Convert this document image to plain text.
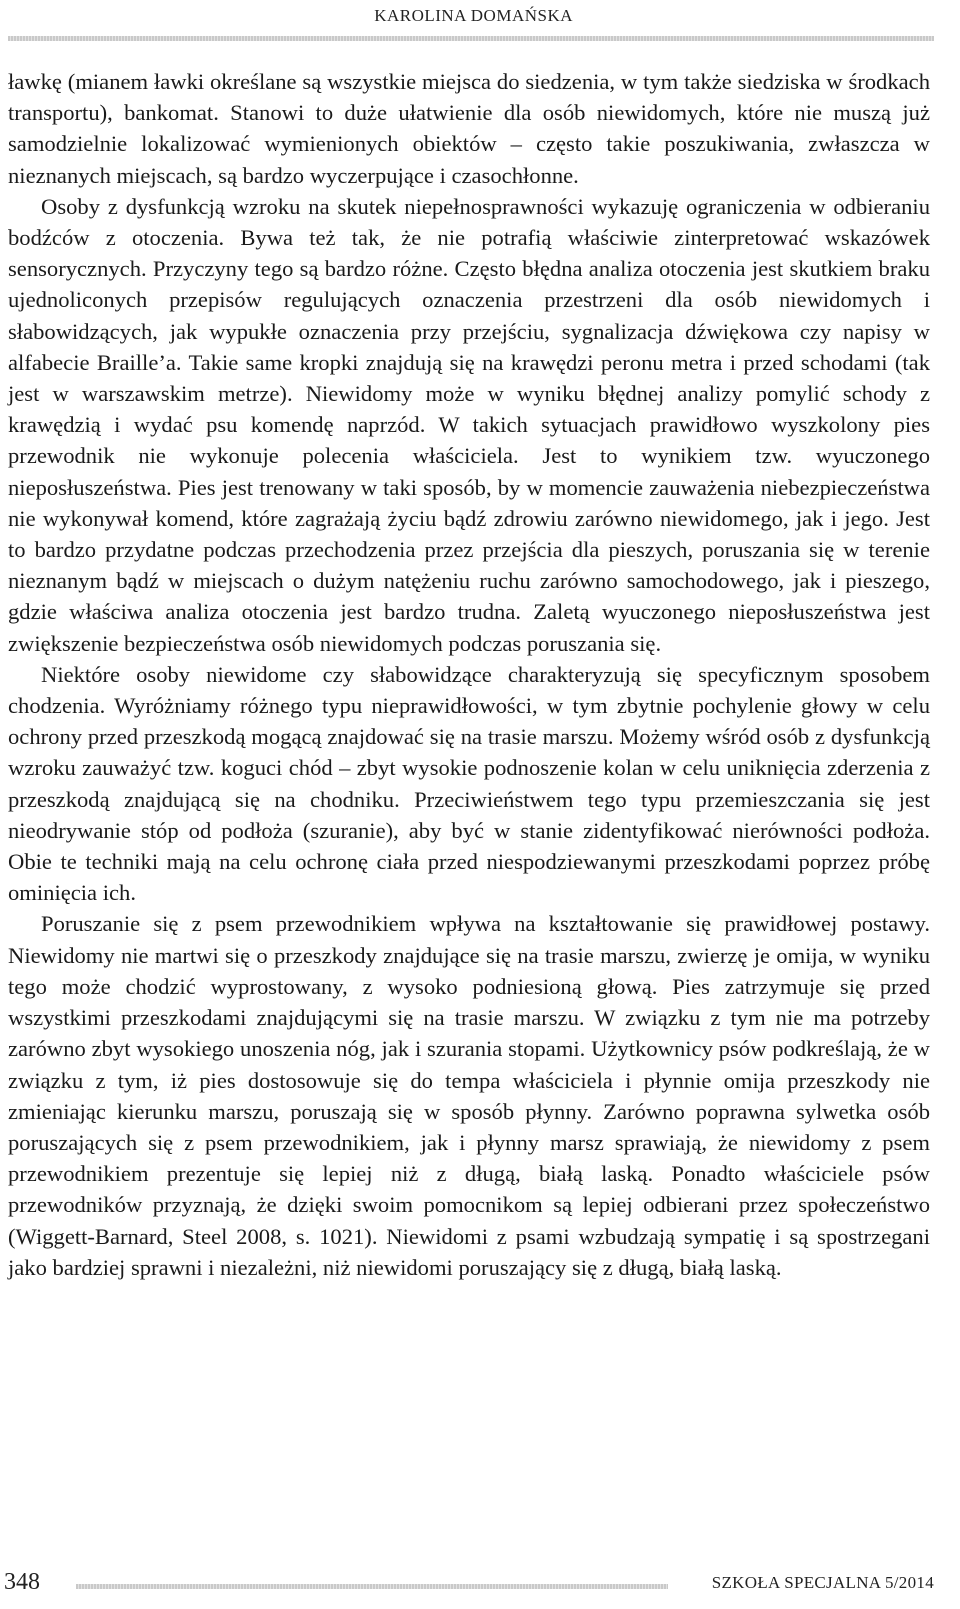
KAROLINA DOMAŃSKA

ławkę (mianem ławki określane są wszystkie miejsca do siedzenia, w tym także siedziska w środkach transportu), bankomat. Stanowi to duże ułatwienie dla osób niewidomych, które nie muszą już samodzielnie lokalizować wymienionych obiektów – często takie poszukiwania, zwłaszcza w nieznanych miejscach, są bardzo wyczerpujące i czasochłonne.

Osoby z dysfunkcją wzroku na skutek niepełnosprawności wykazuję ograniczenia w odbieraniu bodźców z otoczenia. Bywa też tak, że nie potrafią właściwie zinterpretować wskazówek sensorycznych. Przyczyny tego są bardzo różne. Często błędna analiza otoczenia jest skutkiem braku ujednoliconych przepisów regulujących oznaczenia przestrzeni dla osób niewidomych i słabowidzących, jak wypukłe oznaczenia przy przejściu, sygnalizacja dźwiękowa czy napisy w alfabecie Braille’a. Takie same kropki znajdują się na krawędzi peronu metra i przed schodami (tak jest w warszawskim metrze). Niewidomy może w wyniku błędnej analizy pomylić schody z krawędzią i wydać psu komendę naprzód. W takich sytuacjach prawidłowo wyszkolony pies przewodnik nie wykonuje polecenia właściciela. Jest to wynikiem tzw. wyuczonego nieposłuszeństwa. Pies jest trenowany w taki sposób, by w momencie zauważenia niebezpieczeństwa nie wykonywał komend, które zagrażają życiu bądź zdrowiu zarówno niewidomego, jak i jego. Jest to bardzo przydatne podczas przechodzenia przez przejścia dla pieszych, poruszania się w terenie nieznanym bądź w miejscach o dużym natężeniu ruchu zarówno samochodowego, jak i pieszego, gdzie właściwa analiza otoczenia jest bardzo trudna. Zaletą wyuczonego nieposłuszeństwa jest zwiększenie bezpieczeństwa osób niewidomych podczas poruszania się.

Niektóre osoby niewidome czy słabowidzące charakteryzują się specyficznym sposobem chodzenia. Wyróżniamy różnego typu nieprawidłowości, w tym zbytnie pochylenie głowy w celu ochrony przed przeszkodą mogącą znajdować się na trasie marszu. Możemy wśród osób z dysfunkcją wzroku zauważyć tzw. koguci chód – zbyt wysokie podnoszenie kolan w celu uniknięcia zderzenia z przeszkodą znajdującą się na chodniku. Przeciwieństwem tego typu przemieszczania się jest nieodrywanie stóp od podłoża (szuranie), aby być w stanie zidentyfikować nierówności podłoża. Obie te techniki mają na celu ochronę ciała przed niespodziewanymi przeszkodami poprzez próbę ominięcia ich.

Poruszanie się z psem przewodnikiem wpływa na kształtowanie się prawidłowej postawy. Niewidomy nie martwi się o przeszkody znajdujące się na trasie marszu, zwierzę je omija, w wyniku tego może chodzić wyprostowany, z wysoko podniesioną głową. Pies zatrzymuje się przed wszystkimi przeszkodami znajdującymi się na trasie marszu. W związku z tym nie ma potrzeby zarówno zbyt wysokiego unoszenia nóg, jak i szurania stopami. Użytkownicy psów podkreślają, że w związku z tym, iż pies dostosowuje się do tempa właściciela i płynnie omija przeszkody nie zmieniając kierunku marszu, poruszają się w sposób płynny. Zarówno poprawna sylwetka osób poruszających się z psem przewodnikiem, jak i płynny marsz sprawiają, że niewidomy z psem przewodnikiem prezentuje się lepiej niż z długą, białą laską. Ponadto właściciele psów przewodników przyznają, że dzięki swoim pomocnikom są lepiej odbierani przez społeczeństwo (Wiggett-Barnard, Steel 2008, s. 1021). Niewidomi z psami wzbudzają sympatię i są spostrzegani jako bardziej sprawni i niezależni, niż niewidomi poruszający się z długą, białą laską.

348	SZKOŁA SPECJALNA 5/2014
